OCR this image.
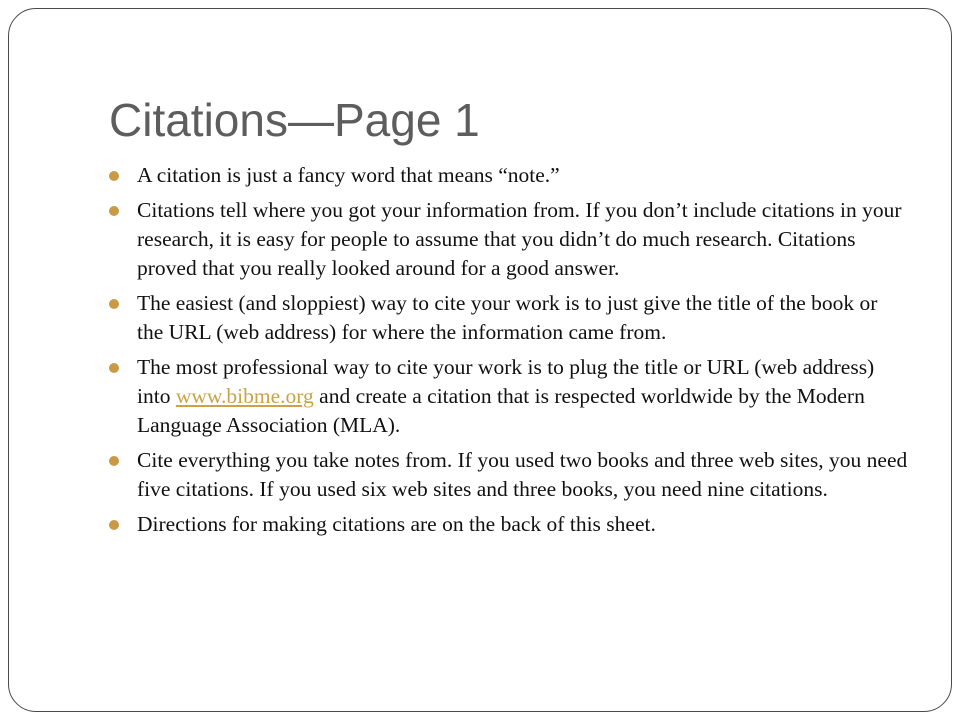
Citations—Page 1
A citation is just a fancy word that means “note.”
Citations tell where you got your information from. If you don’t include citations in your research, it is easy for people to assume that you didn’t do much research. Citations proved that you really looked around for a good answer.
The easiest (and sloppiest) way to cite your work is to just give the title of the book or the URL (web address) for where the information came from.
The most professional way to cite your work is to plug the title or URL (web address) into www.bibme.org and create a citation that is respected worldwide by the Modern Language Association (MLA).
Cite everything you take notes from. If you used two books and three web sites, you need five citations. If you used six web sites and three books, you need nine citations.
Directions for making citations are on the back of this sheet.
